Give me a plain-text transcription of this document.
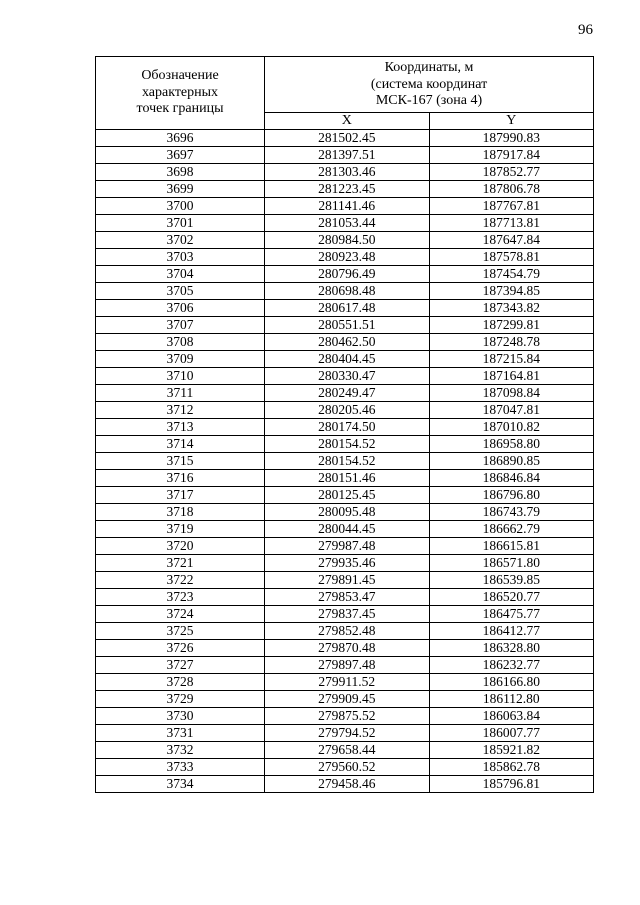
96
Обозначение
характерных
точек границы	Координаты, м
(система координат
МСК-167 (зона 4)	

	X	Y
3696	281502.45	187990.83
3697	281397.51	187917.84
3698	281303.46	187852.77
3699	281223.45	187806.78
3700	281141.46	187767.81
3701	281053.44	187713.81
3702	280984.50	187647.84
3703	280923.48	187578.81
3704	280796.49	187454.79
3705	280698.48	187394.85
3706	280617.48	187343.82
3707	280551.51	187299.81
3708	280462.50	187248.78
3709	280404.45	187215.84
3710	280330.47	187164.81
3711	280249.47	187098.84
3712	280205.46	187047.81
3713	280174.50	187010.82
3714	280154.52	186958.80
3715	280154.52	186890.85
3716	280151.46	186846.84
3717	280125.45	186796.80
3718	280095.48	186743.79
3719	280044.45	186662.79
3720	279987.48	186615.81
3721	279935.46	186571.80
3722	279891.45	186539.85
3723	279853.47	186520.77
3724	279837.45	186475.77
3725	279852.48	186412.77
3726	279870.48	186328.80
3727	279897.48	186232.77
3728	279911.52	186166.80
3729	279909.45	186112.80
3730	279875.52	186063.84
3731	279794.52	186007.77
3732	279658.44	185921.82
3733	279560.52	185862.78
3734	279458.46	185796.81
